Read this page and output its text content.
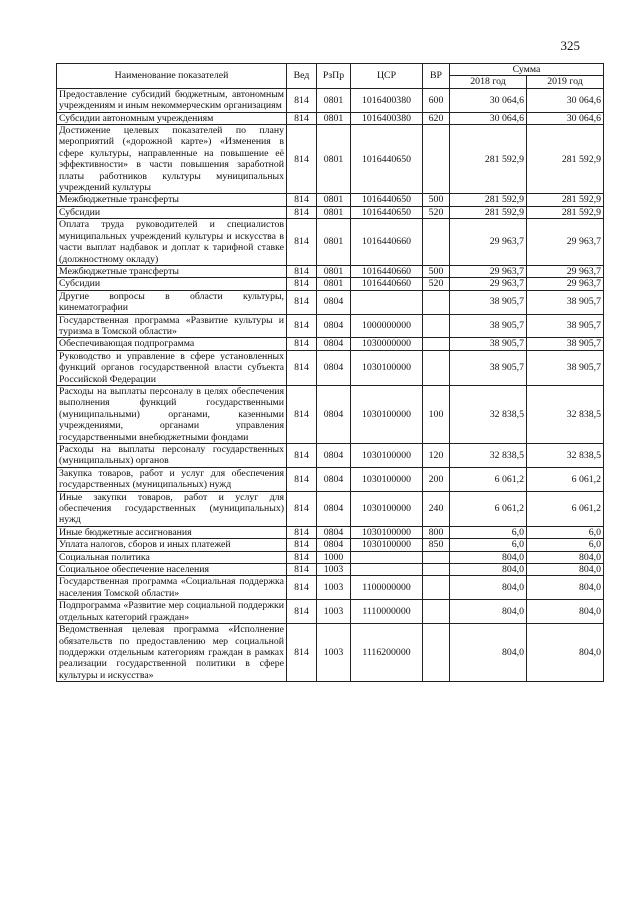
325
Наименование показателей	Вед	РзПр	ЦСР	ВР	Сумма	
					2018 год	2019 год
Предоставление субсидий бюджетным, автономным учреждениям и иным некоммерческим организациям	814	0801	1016400380	600	30 064,6	30 064,6
Субсидии автономным учреждениям	814	0801	1016400380	620	30 064,6	30 064,6
Достижение целевых показателей по плану мероприятий («дорожной карте») «Изменения в сфере культуры, направленные на повышение её эффективности» в части повышения заработной платы работников культуры муниципальных учреждений культуры	814	0801	1016440650		281 592,9	281 592,9
Межбюджетные трансферты	814	0801	1016440650	500	281 592,9	281 592,9
Субсидии	814	0801	1016440650	520	281 592,9	281 592,9
Оплата труда руководителей и специалистов муниципальных учреждений культуры и искусства в части выплат надбавок и доплат к тарифной ставке (должностному окладу)	814	0801	1016440660		29 963,7	29 963,7
Межбюджетные трансферты	814	0801	1016440660	500	29 963,7	29 963,7
Субсидии	814	0801	1016440660	520	29 963,7	29 963,7
Другие вопросы в области культуры, кинематографии	814	0804			38 905,7	38 905,7
Государственная программа «Развитие культуры и туризма в Томской области»	814	0804	1000000000		38 905,7	38 905,7
Обеспечивающая подпрограмма	814	0804	1030000000		38 905,7	38 905,7
Руководство и управление в сфере установленных функций органов государственной власти субъекта Российской Федерации	814	0804	1030100000		38 905,7	38 905,7
Расходы на выплаты персоналу в целях обеспечения выполнения функций государственными (муниципальными) органами, казенными учреждениями, органами управления государственными внебюджетными фондами	814	0804	1030100000	100	32 838,5	32 838,5
Расходы на выплаты персоналу государственных (муниципальных) органов	814	0804	1030100000	120	32 838,5	32 838,5
Закупка товаров, работ и услуг для обеспечения государственных (муниципальных) нужд	814	0804	1030100000	200	6 061,2	6 061,2
Иные закупки товаров, работ и услуг для обеспечения государственных (муниципальных) нужд	814	0804	1030100000	240	6 061,2	6 061,2
Иные бюджетные ассигнования	814	0804	1030100000	800	6,0	6,0
Уплата налогов, сборов и иных платежей	814	0804	1030100000	850	6,0	6,0
Социальная политика	814	1000			804,0	804,0
Социальное обеспечение населения	814	1003			804,0	804,0
Государственная программа «Социальная поддержка населения Томской области»	814	1003	1100000000		804,0	804,0
Подпрограмма «Развитие мер социальной поддержки отдельных категорий граждан»	814	1003	1110000000		804,0	804,0
Ведомственная целевая программа «Исполнение обязательств по предоставлению мер социальной поддержки отдельным категориям граждан в рамках реализации государственной политики в сфере культуры и искусства»	814	1003	1116200000		804,0	804,0
